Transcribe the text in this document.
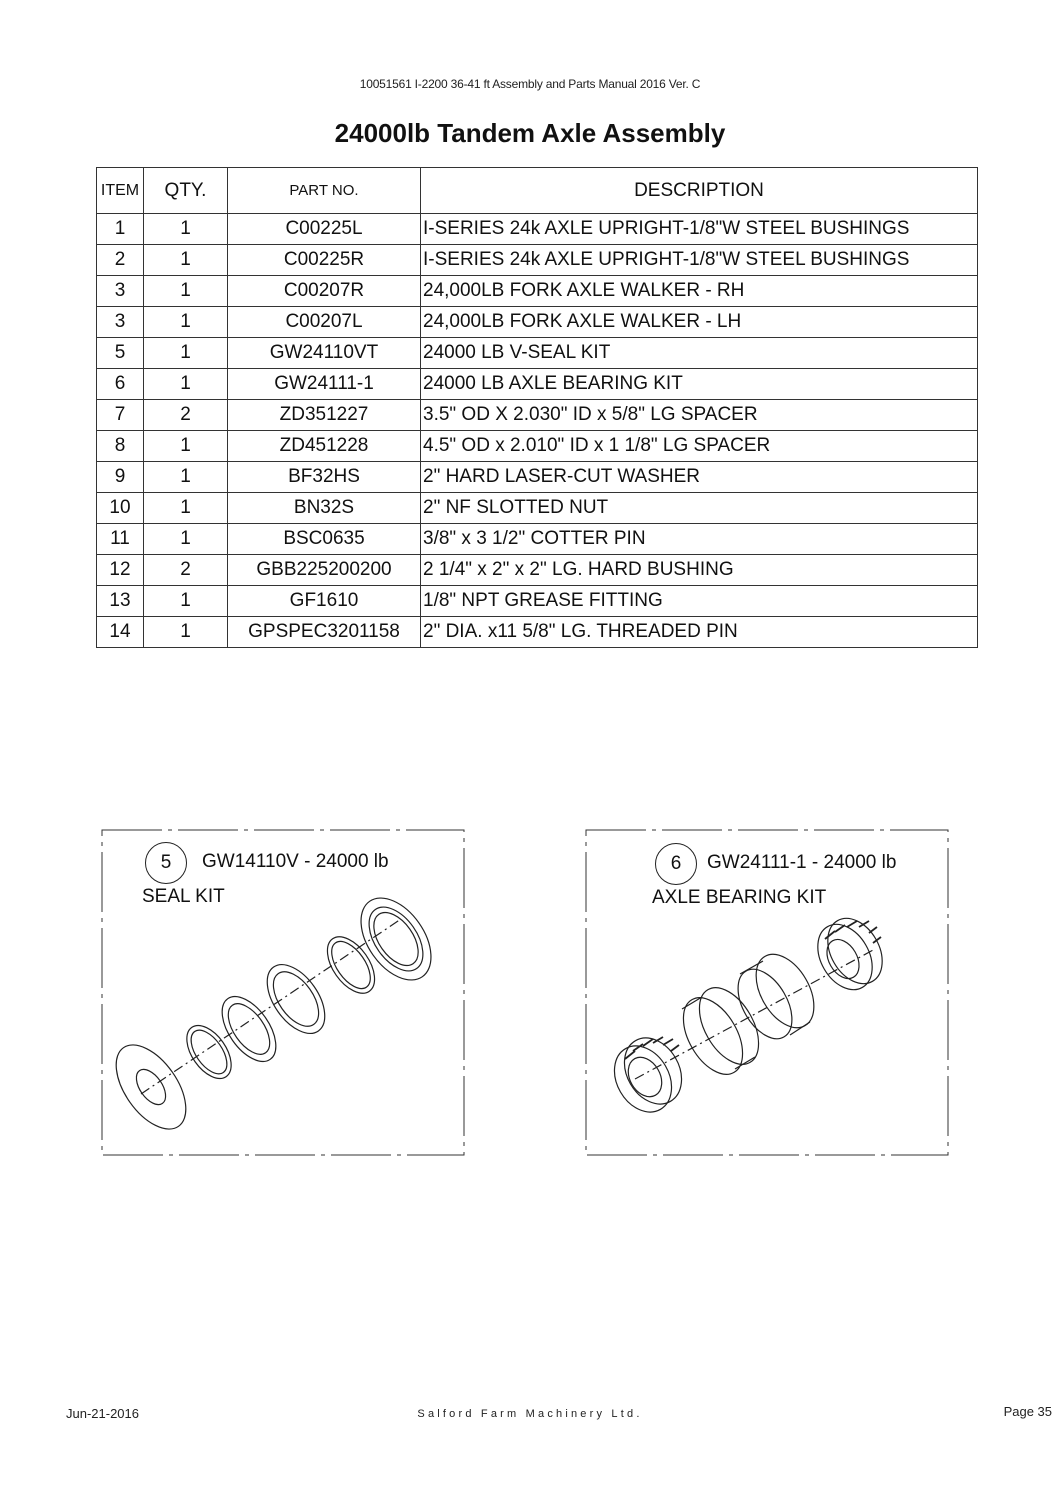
10051561 I-2200 36-41 ft Assembly and Parts Manual 2016 Ver. C
24000lb Tandem Axle Assembly
ITEM	QTY.	PART NO.	DESCRIPTION
1	1	C00225L	I-SERIES 24k AXLE UPRIGHT-1/8"W STEEL BUSHINGS
2	1	C00225R	I-SERIES 24k AXLE UPRIGHT-1/8"W STEEL BUSHINGS
3	1	C00207R	24,000LB FORK AXLE WALKER - RH
3	1	C00207L	24,000LB FORK AXLE WALKER - LH
5	1	GW24110VT	24000 LB V-SEAL KIT
6	1	GW24111-1	24000 LB AXLE BEARING KIT
7	2	ZD351227	3.5" OD X 2.030" ID x 5/8" LG SPACER
8	1	ZD451228	4.5" OD x 2.010" ID x 1 1/8" LG SPACER
9	1	BF32HS	2" HARD LASER-CUT WASHER
10	1	BN32S	2" NF SLOTTED NUT
11	1	BSC0635	3/8" x 3 1/2" COTTER PIN
12	2	GBB225200200	2 1/4" x 2" x 2" LG. HARD BUSHING
13	1	GF1610	1/8" NPT GREASE FITTING
14	1	GPSPEC3201158	2" DIA. x11 5/8" LG. THREADED PIN
5	GW14110V - 24000 lb
SEAL KIT
6	GW24111-1 - 24000 lb
AXLE BEARING KIT
Jun-21-2016	Salford Farm Machinery Ltd.	Page 35
